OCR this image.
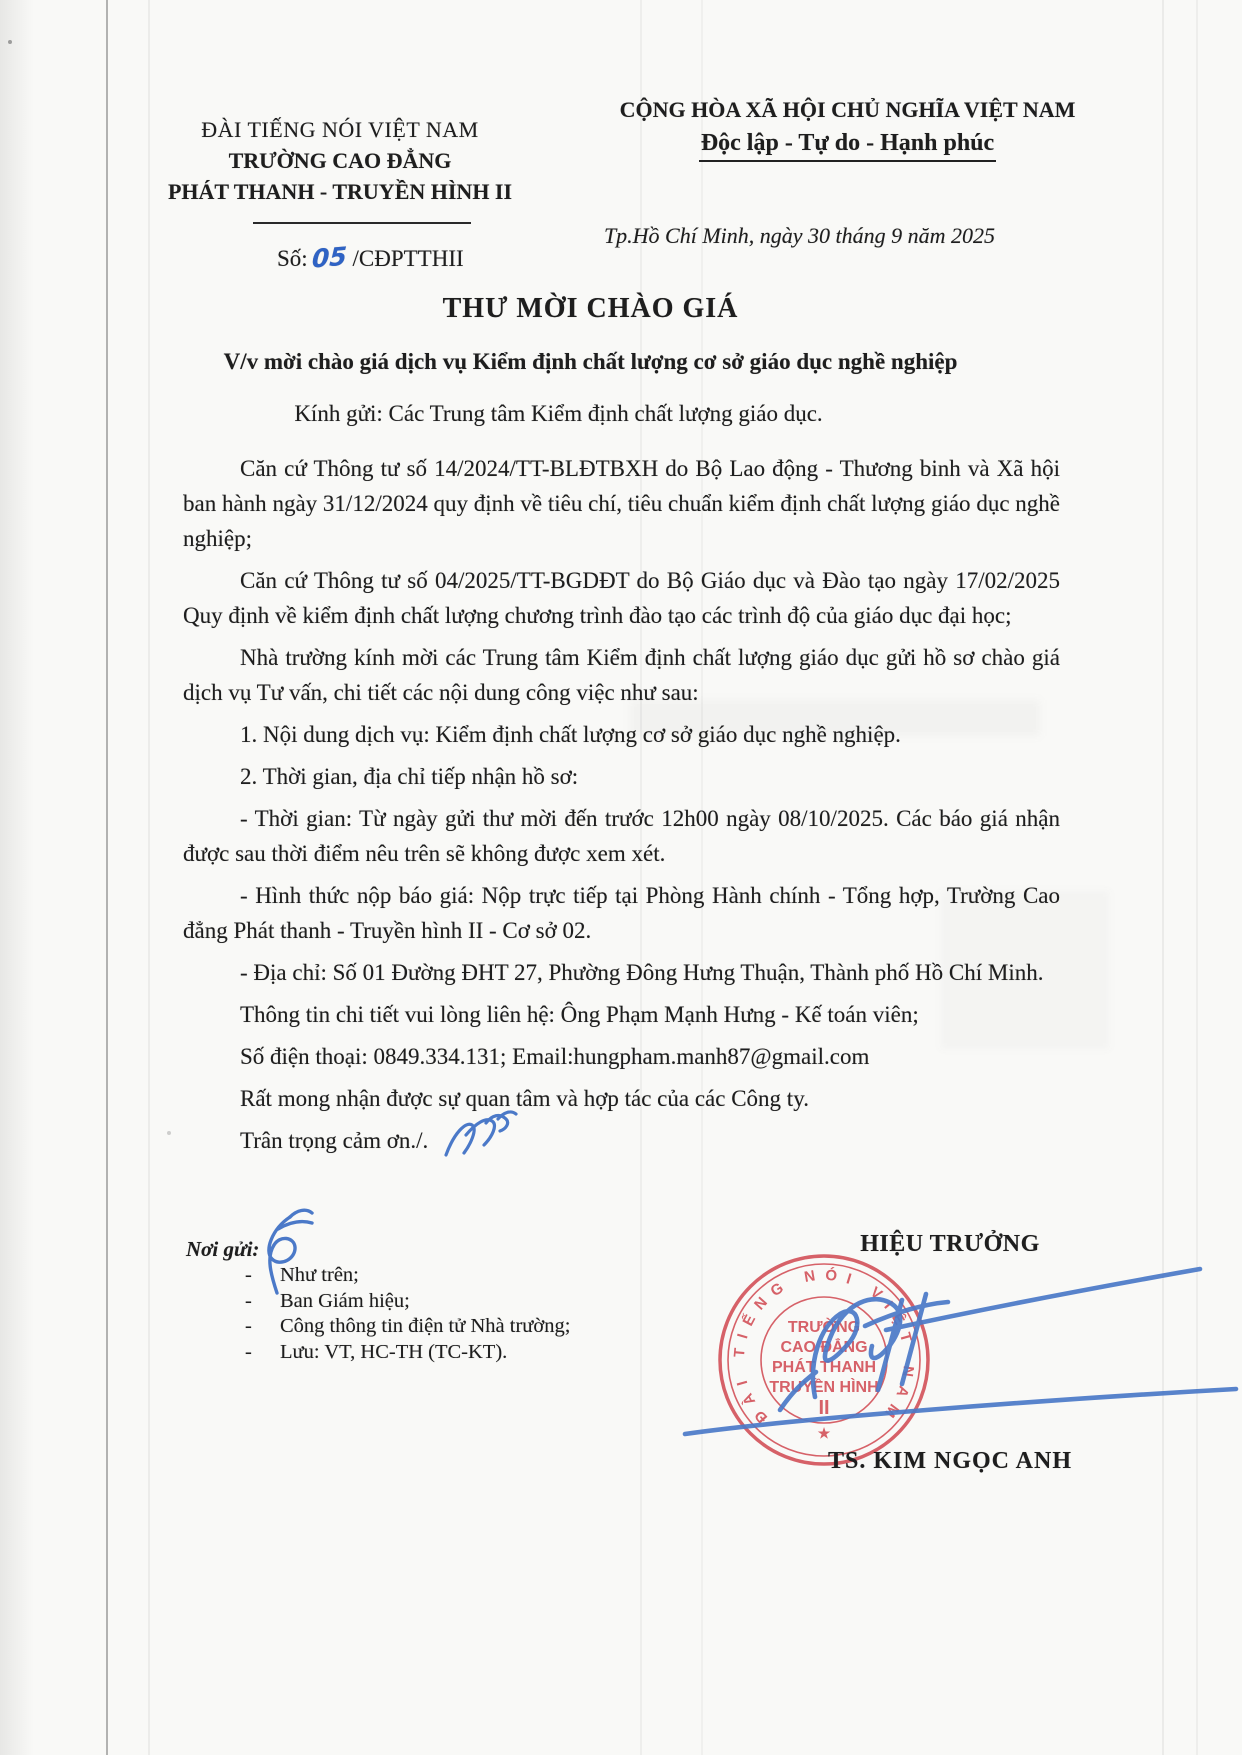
ĐÀI TIẾNG NÓI VIỆT NAM
TRƯỜNG CAO ĐẲNG
PHÁT THANH - TRUYỀN HÌNH II
Số: 05 /CĐPTTHII
CỘNG HÒA XÃ HỘI CHỦ NGHĨA VIỆT NAM
Độc lập - Tự do - Hạnh phúc
Tp.Hồ Chí Minh, ngày 30 tháng 9 năm 2025
THƯ MỜI CHÀO GIÁ
V/v mời chào giá dịch vụ Kiểm định chất lượng cơ sở giáo dục nghề nghiệp
Kính gửi: Các Trung tâm Kiểm định chất lượng giáo dục.

Căn cứ Thông tư số 14/2024/TT-BLĐTBXH do Bộ Lao động - Thương binh và Xã hội ban hành ngày 31/12/2024 quy định về tiêu chí, tiêu chuẩn kiểm định chất lượng giáo dục nghề nghiệp;

Căn cứ Thông tư số 04/2025/TT-BGDĐT do Bộ Giáo dục và Đào tạo ngày 17/02/2025 Quy định về kiểm định chất lượng chương trình đào tạo các trình độ của giáo dục đại học;

Nhà trường kính mời các Trung tâm Kiểm định chất lượng giáo dục gửi hồ sơ chào giá dịch vụ Tư vấn, chi tiết các nội dung công việc như sau:

1. Nội dung dịch vụ: Kiểm định chất lượng cơ sở giáo dục nghề nghiệp.

2. Thời gian, địa chỉ tiếp nhận hồ sơ:

- Thời gian: Từ ngày gửi thư mời đến trước 12h00 ngày 08/10/2025. Các báo giá nhận được sau thời điểm nêu trên sẽ không được xem xét.

- Hình thức nộp báo giá: Nộp trực tiếp tại Phòng Hành chính - Tổng hợp, Trường Cao đẳng Phát thanh - Truyền hình II - Cơ sở 02.

- Địa chỉ: Số 01 Đường ĐHT 27, Phường Đông Hưng Thuận, Thành phố Hồ Chí Minh.

Thông tin chi tiết vui lòng liên hệ: Ông Phạm Mạnh Hưng - Kế toán viên;

Số điện thoại: 0849.334.131; Email:hungpham.manh87@gmail.com

Rất mong nhận được sự quan tâm và hợp tác của các Công ty.

Trân trọng cảm ơn./.

Nơi gửi:
- Như trên;
- Ban Giám hiệu;
- Công thông tin điện tử Nhà trường;
- Lưu: VT, HC-TH (TC-KT).
HIỆU TRƯỞNG
ĐÀI TIẾNG NÓI VIỆT NAM
TRƯỜNG
CAO ĐẲNG
PHÁT THANH
TRUYỀN HÌNH
II
★
TS. KIM NGỌC ANH
